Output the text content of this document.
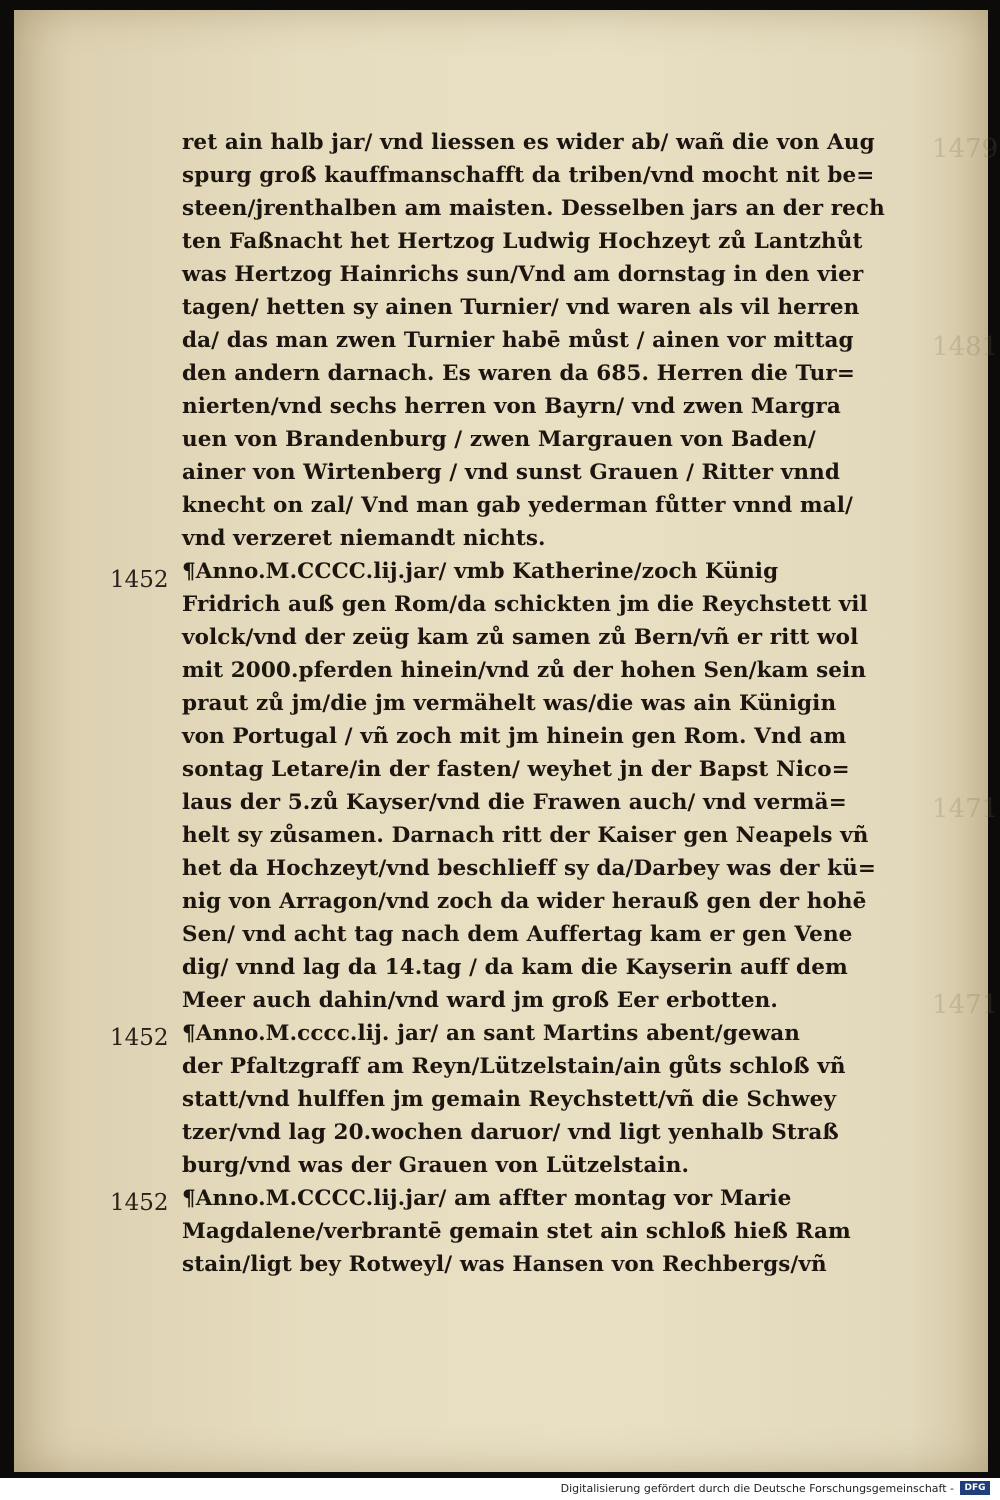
1479
1481
1471
1471
1452
1452
1452
ret ain halb jar/ vnd liessen es wider ab/ wañ die von Aug
spurg groß kauffmanschafft da triben/vnd mocht nit be=
steen/jrenthalben am maisten. Desselben jars an der rech
ten Faßnacht het Hertzog Ludwig Hochzeyt zů Lantzhůt
was Hertzog Hainrichs sun/Vnd am dornstag in den vier
tagen/ hetten sy ainen Turnier/ vnd waren als vil herren
da/ das man zwen Turnier habē můst / ainen vor mittag
den andern darnach. Es waren da 685. Herren die Tur=
nierten/vnd sechs herren von Bayrn/ vnd zwen Margra
uen von Brandenburg / zwen Margrauen von Baden/
ainer von Wirtenberg / vnd sunst Grauen / Ritter vnnd
knecht on zal/ Vnd man gab yederman fůtter vnnd mal/
vnd verzeret niemandt nichts.
¶Anno.M.CCCC.lij.jar/ vmb Katherine/zoch Künig
Fridrich auß gen Rom/da schickten jm die Reychstett vil
volck/vnd der zeüg kam zů samen zů Bern/vñ er ritt wol
mit 2000.pferden hinein/vnd zů der hohen Sen/kam sein
praut zů jm/die jm vermähelt was/die was ain Künigin
von Portugal / vñ zoch mit jm hinein gen Rom. Vnd am
sontag Letare/in der fasten/ weyhet jn der Bapst Nico=
laus der 5.zů Kayser/vnd die Frawen auch/ vnd vermä=
helt sy zůsamen. Darnach ritt der Kaiser gen Neapels vñ
het da Hochzeyt/vnd beschlieff sy da/Darbey was der kü=
nig von Arragon/vnd zoch da wider herauß gen der hohē
Sen/ vnd acht tag nach dem Auffertag kam er gen Vene
dig/ vnnd lag da 14.tag / da kam die Kayserin auff dem
Meer auch dahin/vnd ward jm groß Eer erbotten.
¶Anno.M.cccc.lij. jar/ an sant Martins abent/gewan
der Pfaltzgraff am Reyn/Lützelstain/ain gůts schloß vñ
statt/vnd hulffen jm gemain Reychstett/vñ die Schwey
tzer/vnd lag 20.wochen daruor/ vnd ligt yenhalb Straß
burg/vnd was der Grauen von Lützelstain.
¶Anno.M.CCCC.lij.jar/ am affter montag vor Marie
Magdalene/verbrantē gemain stet ain schloß hieß Ram
stain/ligt bey Rotweyl/ was Hansen von Rechbergs/vñ
Digitalisierung gefördert durch die Deutsche Forschungsgemeinschaft -	DFG
